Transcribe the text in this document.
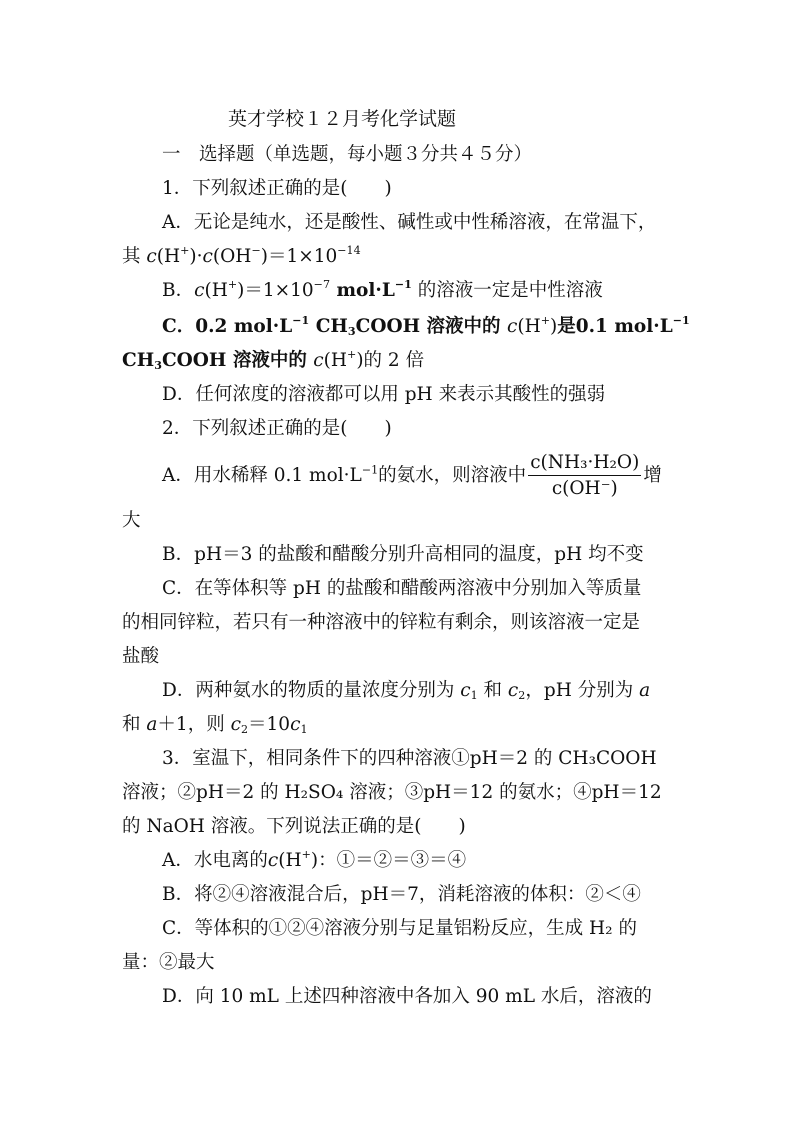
英才学校１２月考化学试题
一　选择题（单选题，每小题３分共４５分）
1．下列叙述正确的是(　　)
A．无论是纯水，还是酸性、碱性或中性稀溶液，在常温下，
其 $c(H^+)\cdot c(OH^-)=1\times 10^{-14}$
B．$c(H^+)=1\times 10^{-7}$ $mol\cdot L^{-1}$ 的溶液一定是中性溶液
C．0.2 $mol\cdot L^{-1}$ $CH_3COOH$ 溶液中的 c(H+)是0.1 $mol\cdot L^{-1}$
$CH_3COOH$ 溶液中的 c(H+)的 2 倍
D．任何浓度的溶液都可以用 pH 来表示其酸性的强弱
2．下列叙述正确的是(　　)
A．用水稀释 0.1 $mol\cdot L^{-1}$的氨水，则溶液中 $\frac{\text{c(NH₃·H₂O)}}{c(OH^-)}$ 增
大
B．pH＝3 的盐酸和醋酸分别升高相同的温度，pH 均不变
C．在等体积等 pH 的盐酸和醋酸两溶液中分别加入等质量
的相同锌粒，若只有一种溶液中的锌粒有剩余，则该溶液一定是
盐酸
D．两种氨水的物质的量浓度分别为 $c_1$ 和 $c_2$，pH 分别为 a
和 a＋1，则 $c_2=10c_1$
3．室温下，相同条件下的四种溶液①pH＝2 的 CH₃COOH
溶液；②pH＝2 的 H₂SO₄ 溶液；③pH＝12 的氨水；④pH＝12
的 NaOH 溶液。下列说法正确的是(　　)
A．水电离的c(H+)：①＝②＝③＝④
B．将②④溶液混合后，pH＝7，消耗溶液的体积：②＜④
C．等体积的①②④溶液分别与足量铝粉反应，生成 H₂ 的
量：②最大
D．向 10 mL 上述四种溶液中各加入 90 mL 水后，溶液的
